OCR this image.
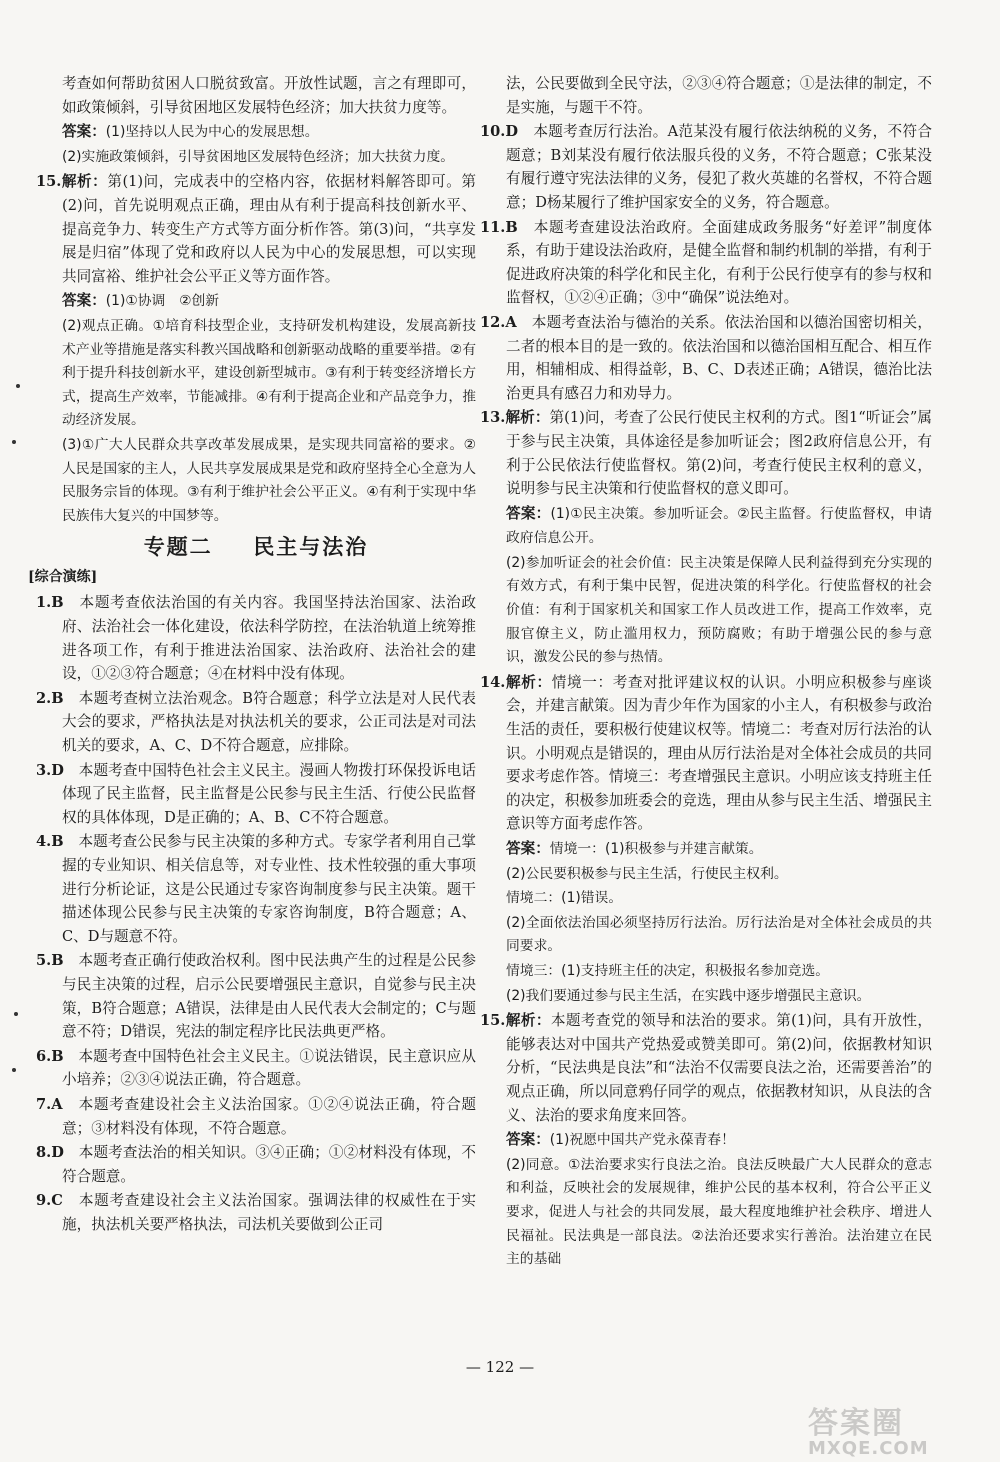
考查如何帮助贫困人口脱贫致富。开放性试题，言之有理即可，如政策倾斜，引导贫困地区发展特色经济；加大扶贫力度等。

答案：(1)坚持以人民为中心的发展思想。

(2)实施政策倾斜，引导贫困地区发展特色经济；加大扶贫力度。

15.解析：第(1)问，完成表中的空格内容，依据材料解答即可。第(2)问，首先说明观点正确，理由从有利于提高科技创新水平、提高竞争力、转变生产方式等方面分析作答。第(3)问，“共享发展是归宿”体现了党和政府以人民为中心的发展思想，可以实现共同富裕、维护社会公平正义等方面作答。

答案：(1)①协调　②创新

(2)观点正确。①培育科技型企业，支持研发机构建设，发展高新技术产业等措施是落实科教兴国战略和创新驱动战略的重要举措。②有利于提升科技创新水平，建设创新型城市。③有利于转变经济增长方式，提高生产效率，节能减排。④有利于提高企业和产品竞争力，推动经济发展。

(3)①广大人民群众共享改革发展成果，是实现共同富裕的要求。②人民是国家的主人，人民共享发展成果是党和政府坚持全心全意为人民服务宗旨的体现。③有利于维护社会公平正义。④有利于实现中华民族伟大复兴的中国梦等。

专题二 民主与法治
[综合演练]

1.B　 本题考查依法治国的有关内容。我国坚持法治国家、法治政府、法治社会一体化建设，依法科学防控，在法治轨道上统筹推进各项工作，有利于推进法治国家、法治政府、法治社会的建设，①②③符合题意；④在材料中没有体现。

2.B　 本题考查树立法治观念。B符合题意；科学立法是对人民代表大会的要求，严格执法是对执法机关的要求，公正司法是对司法机关的要求，A、C、D不符合题意，应排除。

3.D　 本题考查中国特色社会主义民主。漫画人物拨打环保投诉电话体现了民主监督，民主监督是公民参与民主生活、行使公民监督权的具体体现，D是正确的；A、B、C不符合题意。

4.B　 本题考查公民参与民主决策的多种方式。专家学者利用自己掌握的专业知识、相关信息等，对专业性、技术性较强的重大事项进行分析论证，这是公民通过专家咨询制度参与民主决策。题干描述体现公民参与民主决策的专家咨询制度，B符合题意；A、C、D与题意不符。

5.B　 本题考查正确行使政治权利。图中民法典产生的过程是公民参与民主决策的过程，启示公民要增强民主意识，自觉参与民主决策，B符合题意；A错误，法律是由人民代表大会制定的；C与题意不符；D错误，宪法的制定程序比民法典更严格。

6.B　 本题考查中国特色社会主义民主。①说法错误，民主意识应从小培养；②③④说法正确，符合题意。

7.A　 本题考查建设社会主义法治国家。①②④说法正确，符合题意；③材料没有体现，不符合题意。

8.D　 本题考查法治的相关知识。③④正确；①②材料没有体现，不符合题意。

9.C　 本题考查建设社会主义法治国家。强调法律的权威性在于实施，执法机关要严格执法，司法机关要做到公正司

法，公民要做到全民守法，②③④符合题意；①是法律的制定，不是实施，与题干不符。

10.D　 本题考查厉行法治。A范某没有履行依法纳税的义务，不符合题意；B刘某没有履行依法服兵役的义务，不符合题意；C张某没有履行遵守宪法法律的义务，侵犯了救火英雄的名誉权，不符合题意；D杨某履行了维护国家安全的义务，符合题意。

11.B　 本题考查建设法治政府。全面建成政务服务“好差评”制度体系，有助于建设法治政府，是健全监督和制约机制的举措，有利于促进政府决策的科学化和民主化，有利于公民行使享有的参与权和监督权，①②④正确；③中“确保”说法绝对。

12.A　 本题考查法治与德治的关系。依法治国和以德治国密切相关，二者的根本目的是一致的。依法治国和以德治国相互配合、相互作用，相辅相成、相得益彰，B、C、D表述正确；A错误，德治比法治更具有感召力和劝导力。

13.解析：第(1)问，考查了公民行使民主权利的方式。图1“听证会”属于参与民主决策，具体途径是参加听证会；图2政府信息公开，有利于公民依法行使监督权。第(2)问，考查行使民主权利的意义，说明参与民主决策和行使监督权的意义即可。

答案：(1)①民主决策。参加听证会。②民主监督。行使监督权，申请政府信息公开。

(2)参加听证会的社会价值：民主决策是保障人民利益得到充分实现的有效方式，有利于集中民智，促进决策的科学化。行使监督权的社会价值：有利于国家机关和国家工作人员改进工作，提高工作效率，克服官僚主义，防止滥用权力，预防腐败；有助于增强公民的参与意识，激发公民的参与热情。

14.解析：情境一：考查对批评建议权的认识。小明应积极参与座谈会，并建言献策。因为青少年作为国家的小主人，有积极参与政治生活的责任，要积极行使建议权等。情境二：考查对厉行法治的认识。小明观点是错误的，理由从厉行法治是对全体社会成员的共同要求考虑作答。情境三：考查增强民主意识。小明应该支持班主任的决定，积极参加班委会的竞选，理由从参与民主生活、增强民主意识等方面考虑作答。

答案：情境一：(1)积极参与并建言献策。

(2)公民要积极参与民主生活，行使民主权利。

情境二：(1)错误。

(2)全面依法治国必须坚持厉行法治。厉行法治是对全体社会成员的共同要求。

情境三：(1)支持班主任的决定，积极报名参加竞选。

(2)我们要通过参与民主生活，在实践中逐步增强民主意识。

15.解析：本题考查党的领导和法治的要求。第(1)问，具有开放性，能够表达对中国共产党热爱或赞美即可。第(2)问，依据教材知识分析，“民法典是良法”和“法治不仅需要良法之治，还需要善治”的观点正确，所以同意鸦仔同学的观点，依据教材知识，从良法的含义、法治的要求角度来回答。

答案：(1)祝愿中国共产党永葆青春！

(2)同意。①法治要求实行良法之治。良法反映最广大人民群众的意志和利益，反映社会的发展规律，维护公民的基本权利，符合公平正义要求，促进人与社会的共同发展，最大程度地维护社会秩序、增进人民福祉。民法典是一部良法。②法治还要求实行善治。法治建立在民主的基础

— 122 —
答案圈
MXQE.COM
